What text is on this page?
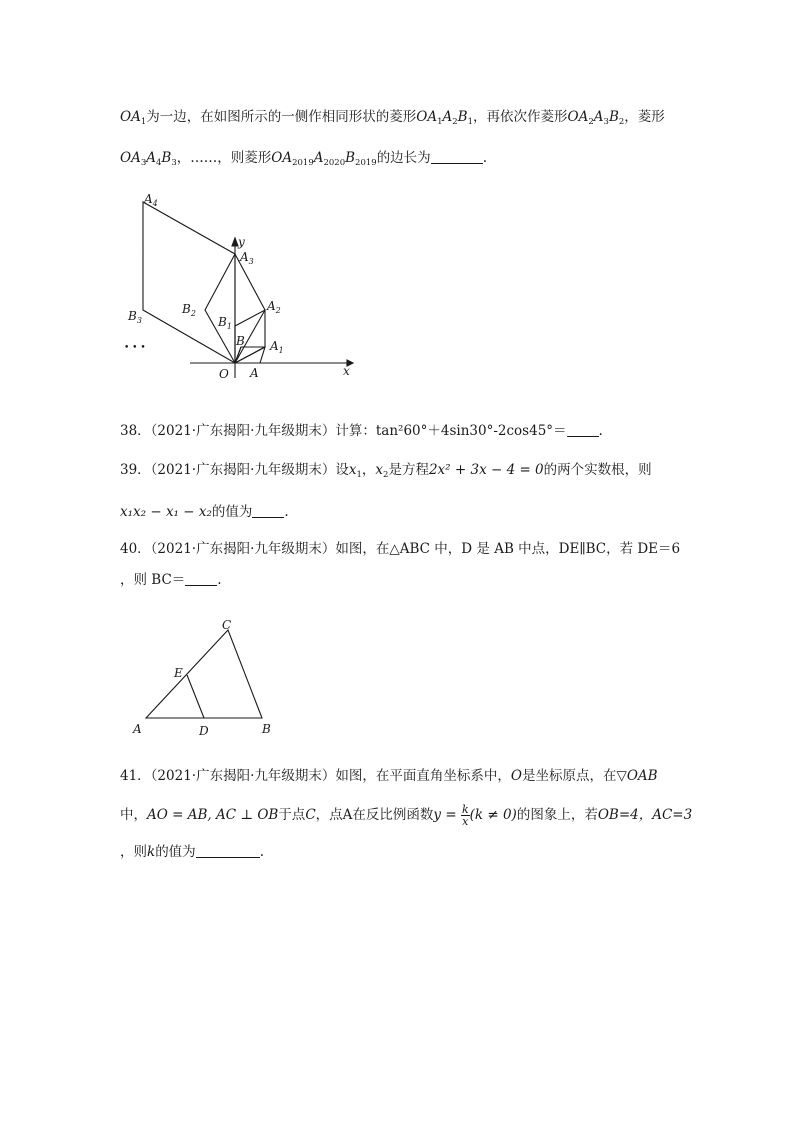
$OA_1$为一边，在如图所示的一侧作相同形状的菱形$OA_1A_2B_1$，再依次作菱形$OA_2A_3B_2$，菱形
$OA_3A_4B_3$，……，则菱形$OA_{2019}A_{2020}B_{2019}$的边长为	.
$A_4$
$A_3$
$A_2$
$A_1$
$B_3$
$B_2$
$B_1$
B
A
O	x
y
• • •
38．（2021·广东揭阳·九年级期末）计算：tan²60°＋4sin30°-2cos45°＝ .
39．（2021·广东揭阳·九年级期末）设$x_1$，$x_2$是方程2x² + 3x − 4 = 0的两个实数根，则
x₁x₂ − x₁ − x₂的值为 .
40．（2021·广东揭阳·九年级期末）如图，在△ABC 中，D 是 AB 中点，DE∥BC，若 DE＝6
，则 BC＝ .
C
E
A	D	B
41．（2021·广东揭阳·九年级期末）如图，在平面直角坐标系中，O是坐标原点，在▽OAB
中，AO = AB, AC ⊥ OB于点C，点A在反比例函数$y = \frac{k}{x} (k \ne 0)$的图象上，若OB=4，AC=3
，则k的值为	.
